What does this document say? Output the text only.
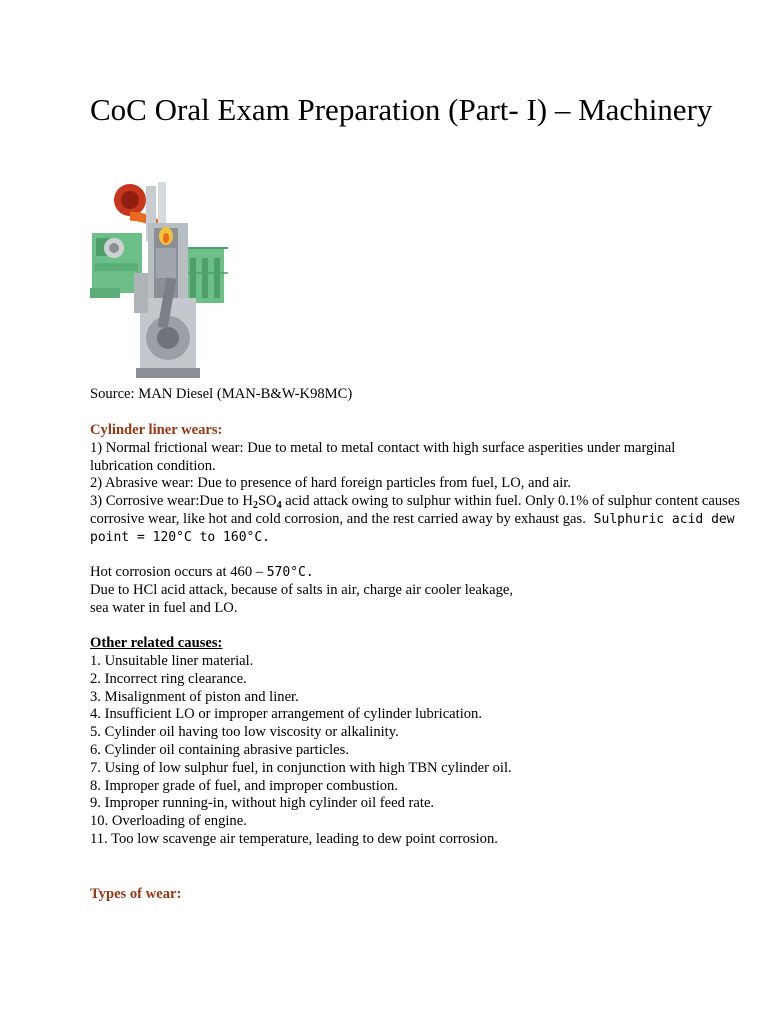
CoC Oral Exam Preparation (Part- I) – Machinery

Source: MAN Diesel (MAN-B&W-K98MC)

Cylinder liner wears:

1) Normal frictional wear: Due to metal to metal contact with high surface asperities under marginal lubrication condition.

2) Abrasive wear: Due to presence of hard foreign particles from fuel, LO, and air.

3) Corrosive wear:Due to $H_2SO_4$ acid attack owing to sulphur within fuel. Only 0.1% of sulphur content causes corrosive wear, like hot and cold corrosion, and the rest carried away by exhaust gas. Sulphuric acid dew point = 120°C to 160°C.

Hot corrosion occurs at 460 – 570°C.

Due to HCl acid attack, because of salts in air, charge air cooler leakage,

sea water in fuel and LO.

Other related causes:

1. Unsuitable liner material.
2. Incorrect ring clearance.
3. Misalignment of piston and liner.
4. Insufficient LO or improper arrangement of cylinder lubrication.
5. Cylinder oil having too low viscosity or alkalinity.
6. Cylinder oil containing abrasive particles.
7. Using of low sulphur fuel, in conjunction with high TBN cylinder oil.
8. Improper grade of fuel, and improper combustion.
9. Improper running-in, without high cylinder oil feed rate.
10. Overloading of engine.
11. Too low scavenge air temperature, leading to dew point corrosion.

Types of wear:
